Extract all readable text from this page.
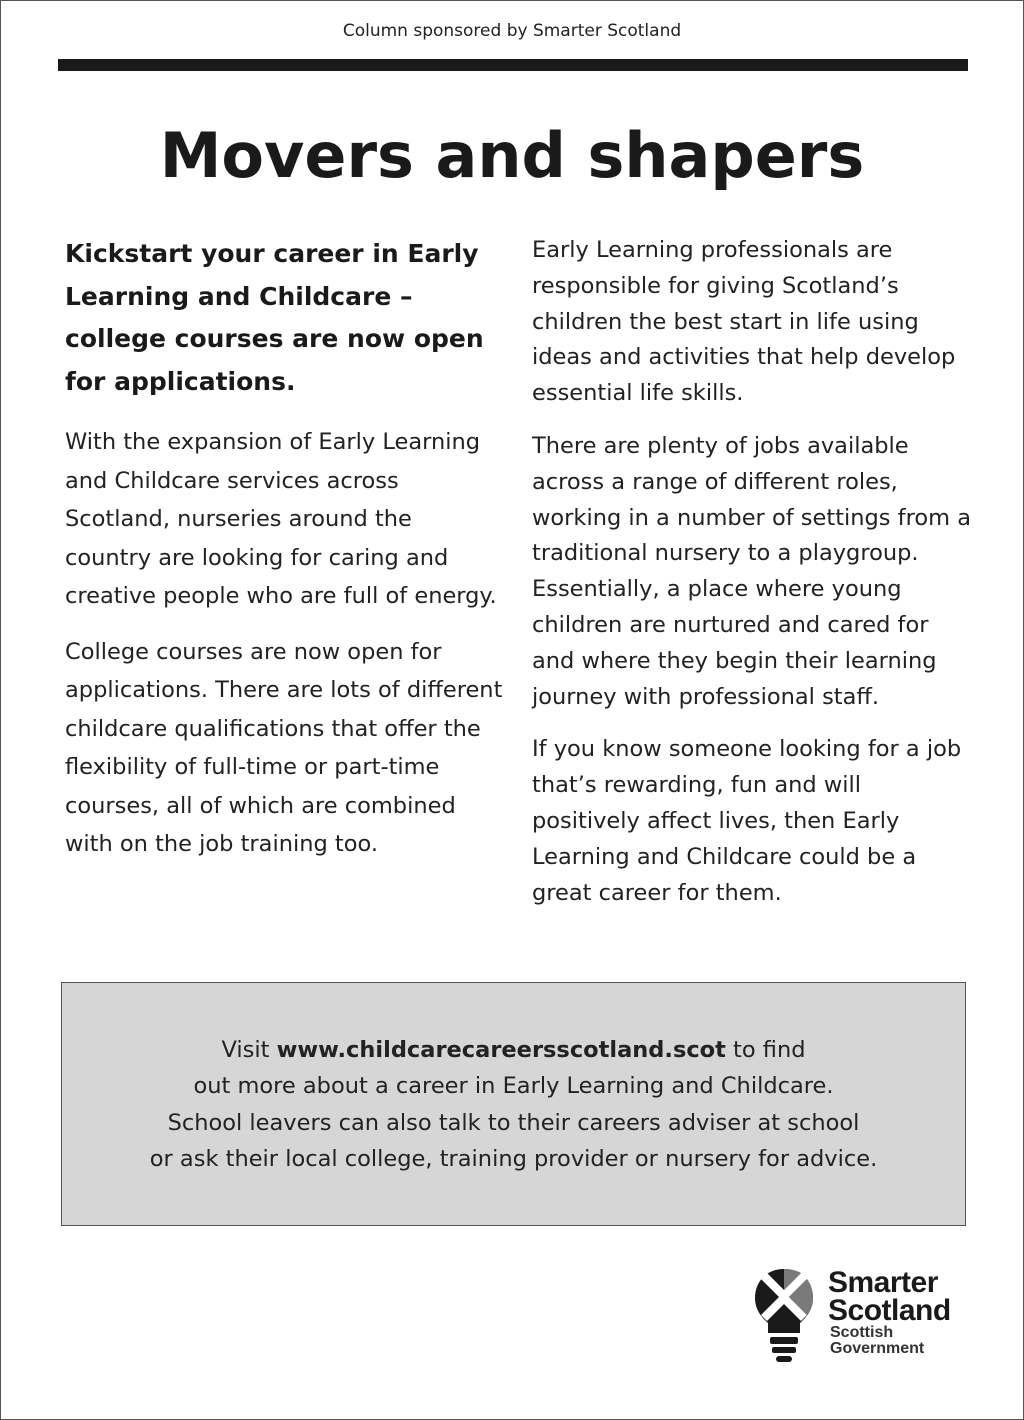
Column sponsored by Smarter Scotland
Movers and shapers

Kickstart your career in Early Learning and Childcare – college courses are now open for applications.

With the expansion of Early Learning and Childcare services across Scotland, nurseries around the country are looking for caring and creative people who are full of energy.

College courses are now open for applications. There are lots of different childcare qualifications that offer the flexibility of full-time or part-time courses, all of which are combined with on the job training too.

Early Learning professionals are responsible for giving Scotland’s children the best start in life using ideas and activities that help develop essential life skills.

There are plenty of jobs available across a range of different roles, working in a number of settings from a traditional nursery to a playgroup. Essentially, a place where young children are nurtured and cared for and where they begin their learning journey with professional staff.

If you know someone looking for a job that’s rewarding, fun and will positively affect lives, then Early Learning and Childcare could be a great career for them.

Visit www.childcarecareersscotland.scot to find
out more about a career in Early Learning and Childcare.
School leavers can also talk to their careers adviser at school
or ask their local college, training provider or nursery for advice.
Smarter
Scotland
Scottish
Government
